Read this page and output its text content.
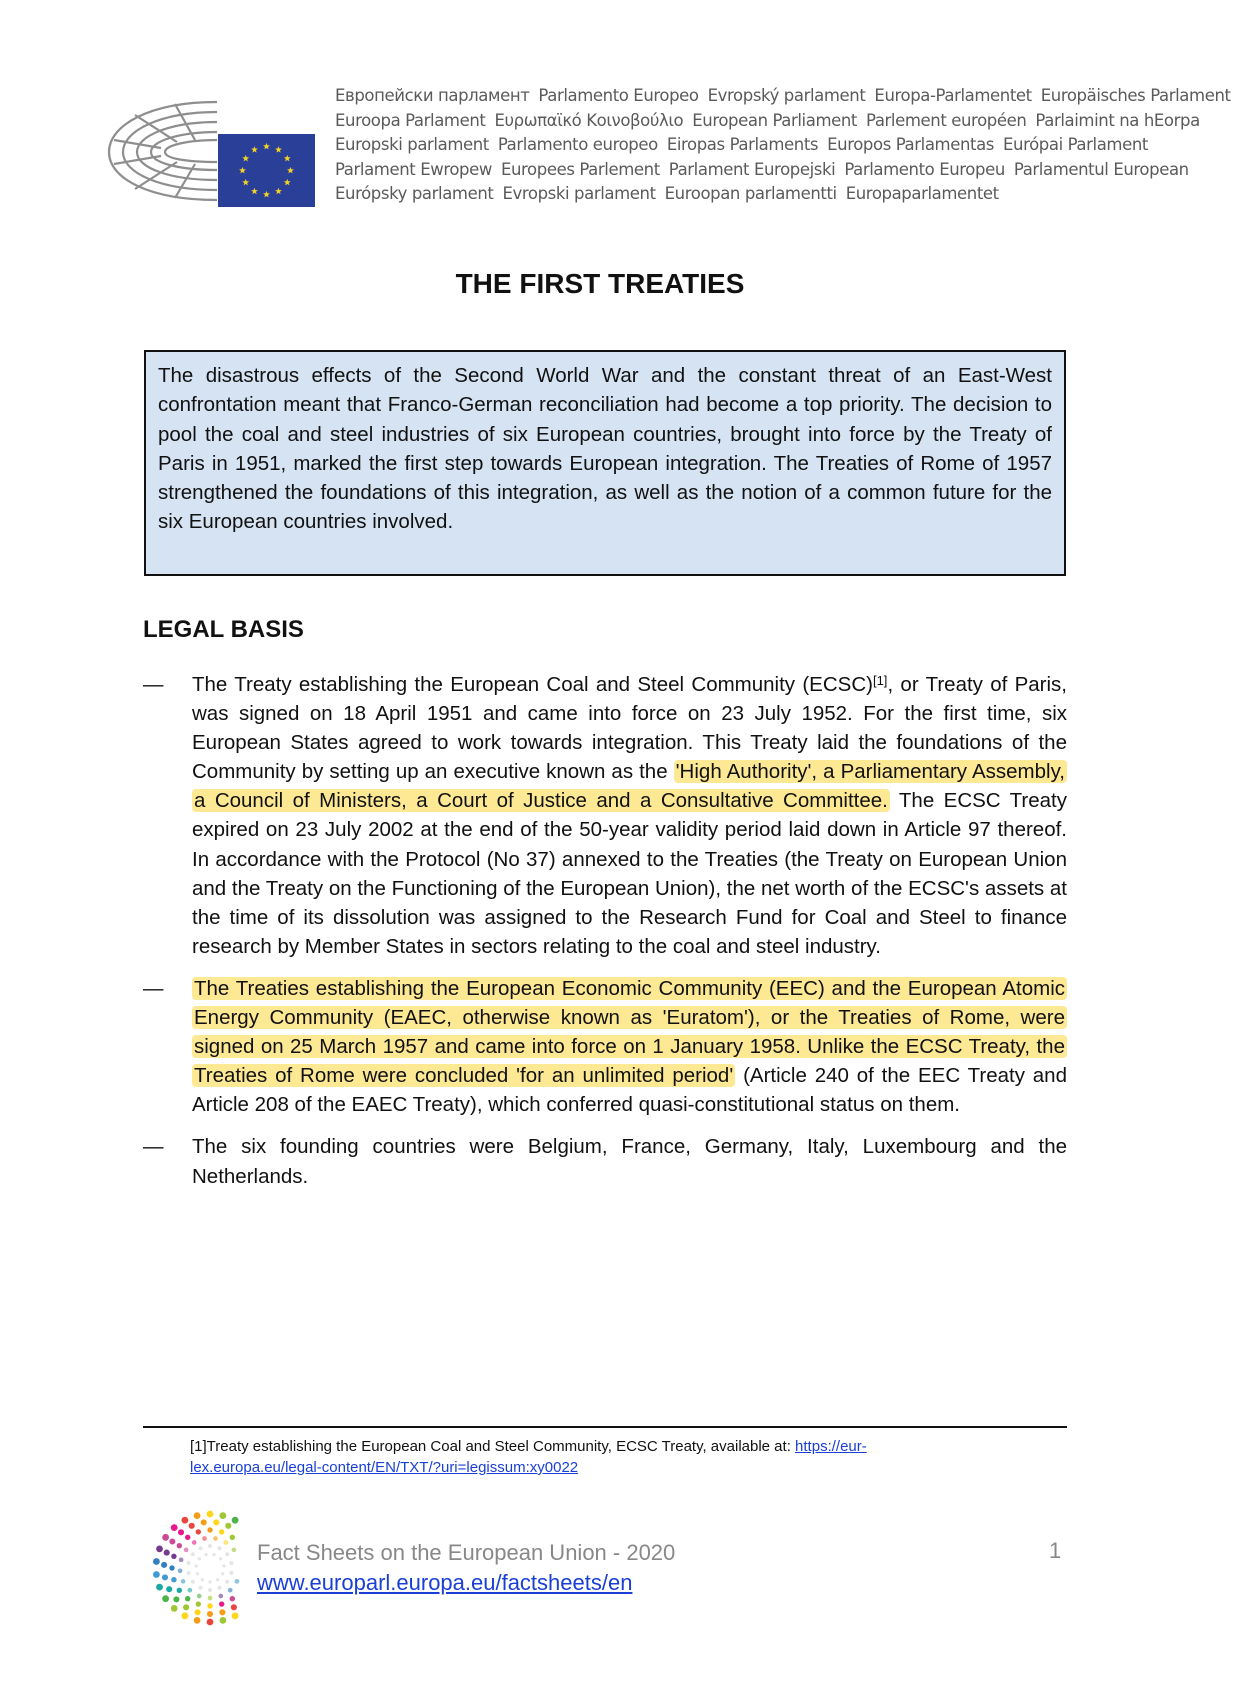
Европейски парламент Parlamento Europeo Evropský parlament Europa-Parlamentet Europäisches Parlament
Euroopa Parlament Ευρωπαϊκό Κοινοβούλιο European Parliament Parlement européen Parlaimint na hEorpa
Europski parlament Parlamento europeo Eiropas Parlaments Europos Parlamentas Európai Parlament
Parlament Ewropew Europees Parlement Parlament Europejski Parlamento Europeu Parlamentul European
Európsky parlament Evropski parlament Euroopan parlamentti Europaparlamentet
THE FIRST TREATIES
The disastrous effects of the Second World War and the constant threat of an East-West confrontation meant that Franco-German reconciliation had become a top priority. The decision to pool the coal and steel industries of six European countries, brought into force by the Treaty of Paris in 1951, marked the first step towards European integration. The Treaties of Rome of 1957 strengthened the foundations of this integration, as well as the notion of a common future for the six European countries involved.
LEGAL BASIS
— The Treaty establishing the European Coal and Steel Community (ECSC)[1], or Treaty of Paris, was signed on 18 April 1951 and came into force on 23 July 1952. For the first time, six European States agreed to work towards integration. This Treaty laid the foundations of the Community by setting up an executive known as the 'High Authority', a Parliamentary Assembly, a Council of Ministers, a Court of Justice and a Consultative Committee. The ECSC Treaty expired on 23 July 2002 at the end of the 50-year validity period laid down in Article 97 thereof. In accordance with the Protocol (No 37) annexed to the Treaties (the Treaty on European Union and the Treaty on the Functioning of the European Union), the net worth of the ECSC's assets at the time of its dissolution was assigned to the Research Fund for Coal and Steel to finance research by Member States in sectors relating to the coal and steel industry.
— The Treaties establishing the European Economic Community (EEC) and the European Atomic Energy Community (EAEC, otherwise known as 'Euratom'), or the Treaties of Rome, were signed on 25 March 1957 and came into force on 1 January 1958. Unlike the ECSC Treaty, the Treaties of Rome were concluded 'for an unlimited period' (Article 240 of the EEC Treaty and Article 208 of the EAEC Treaty), which conferred quasi-constitutional status on them.
— The six founding countries were Belgium, France, Germany, Italy, Luxembourg and the Netherlands.
[1]Treaty establishing the European Coal and Steel Community, ECSC Treaty, available at: https://eur-lex.europa.eu/legal-content/EN/TXT/?uri=legissum:xy0022
Fact Sheets on the European Union - 2020
www.europarl.europa.eu/factsheets/en
1
